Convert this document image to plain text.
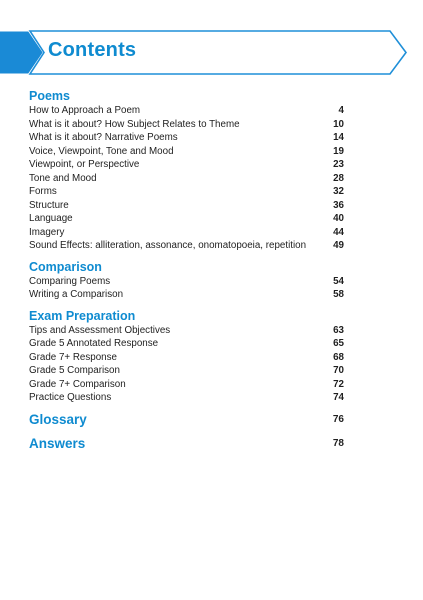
Contents
Poems
How to Approach a Poem	4
What is it about? How Subject Relates to Theme	10
What is it about? Narrative Poems	14
Voice, Viewpoint, Tone and Mood	19
Viewpoint, or Perspective	23
Tone and Mood	28
Forms	32
Structure	36
Language	40
Imagery	44
Sound Effects: alliteration, assonance, onomatopoeia, repetition	49
Comparison
Comparing Poems	54
Writing a Comparison	58
Exam Preparation
Tips and Assessment Objectives	63
Grade 5 Annotated Response	65
Grade 7+ Response	68
Grade 5 Comparison	70
Grade 7+ Comparison	72
Practice Questions	74
Glossary	76
Answers	78
